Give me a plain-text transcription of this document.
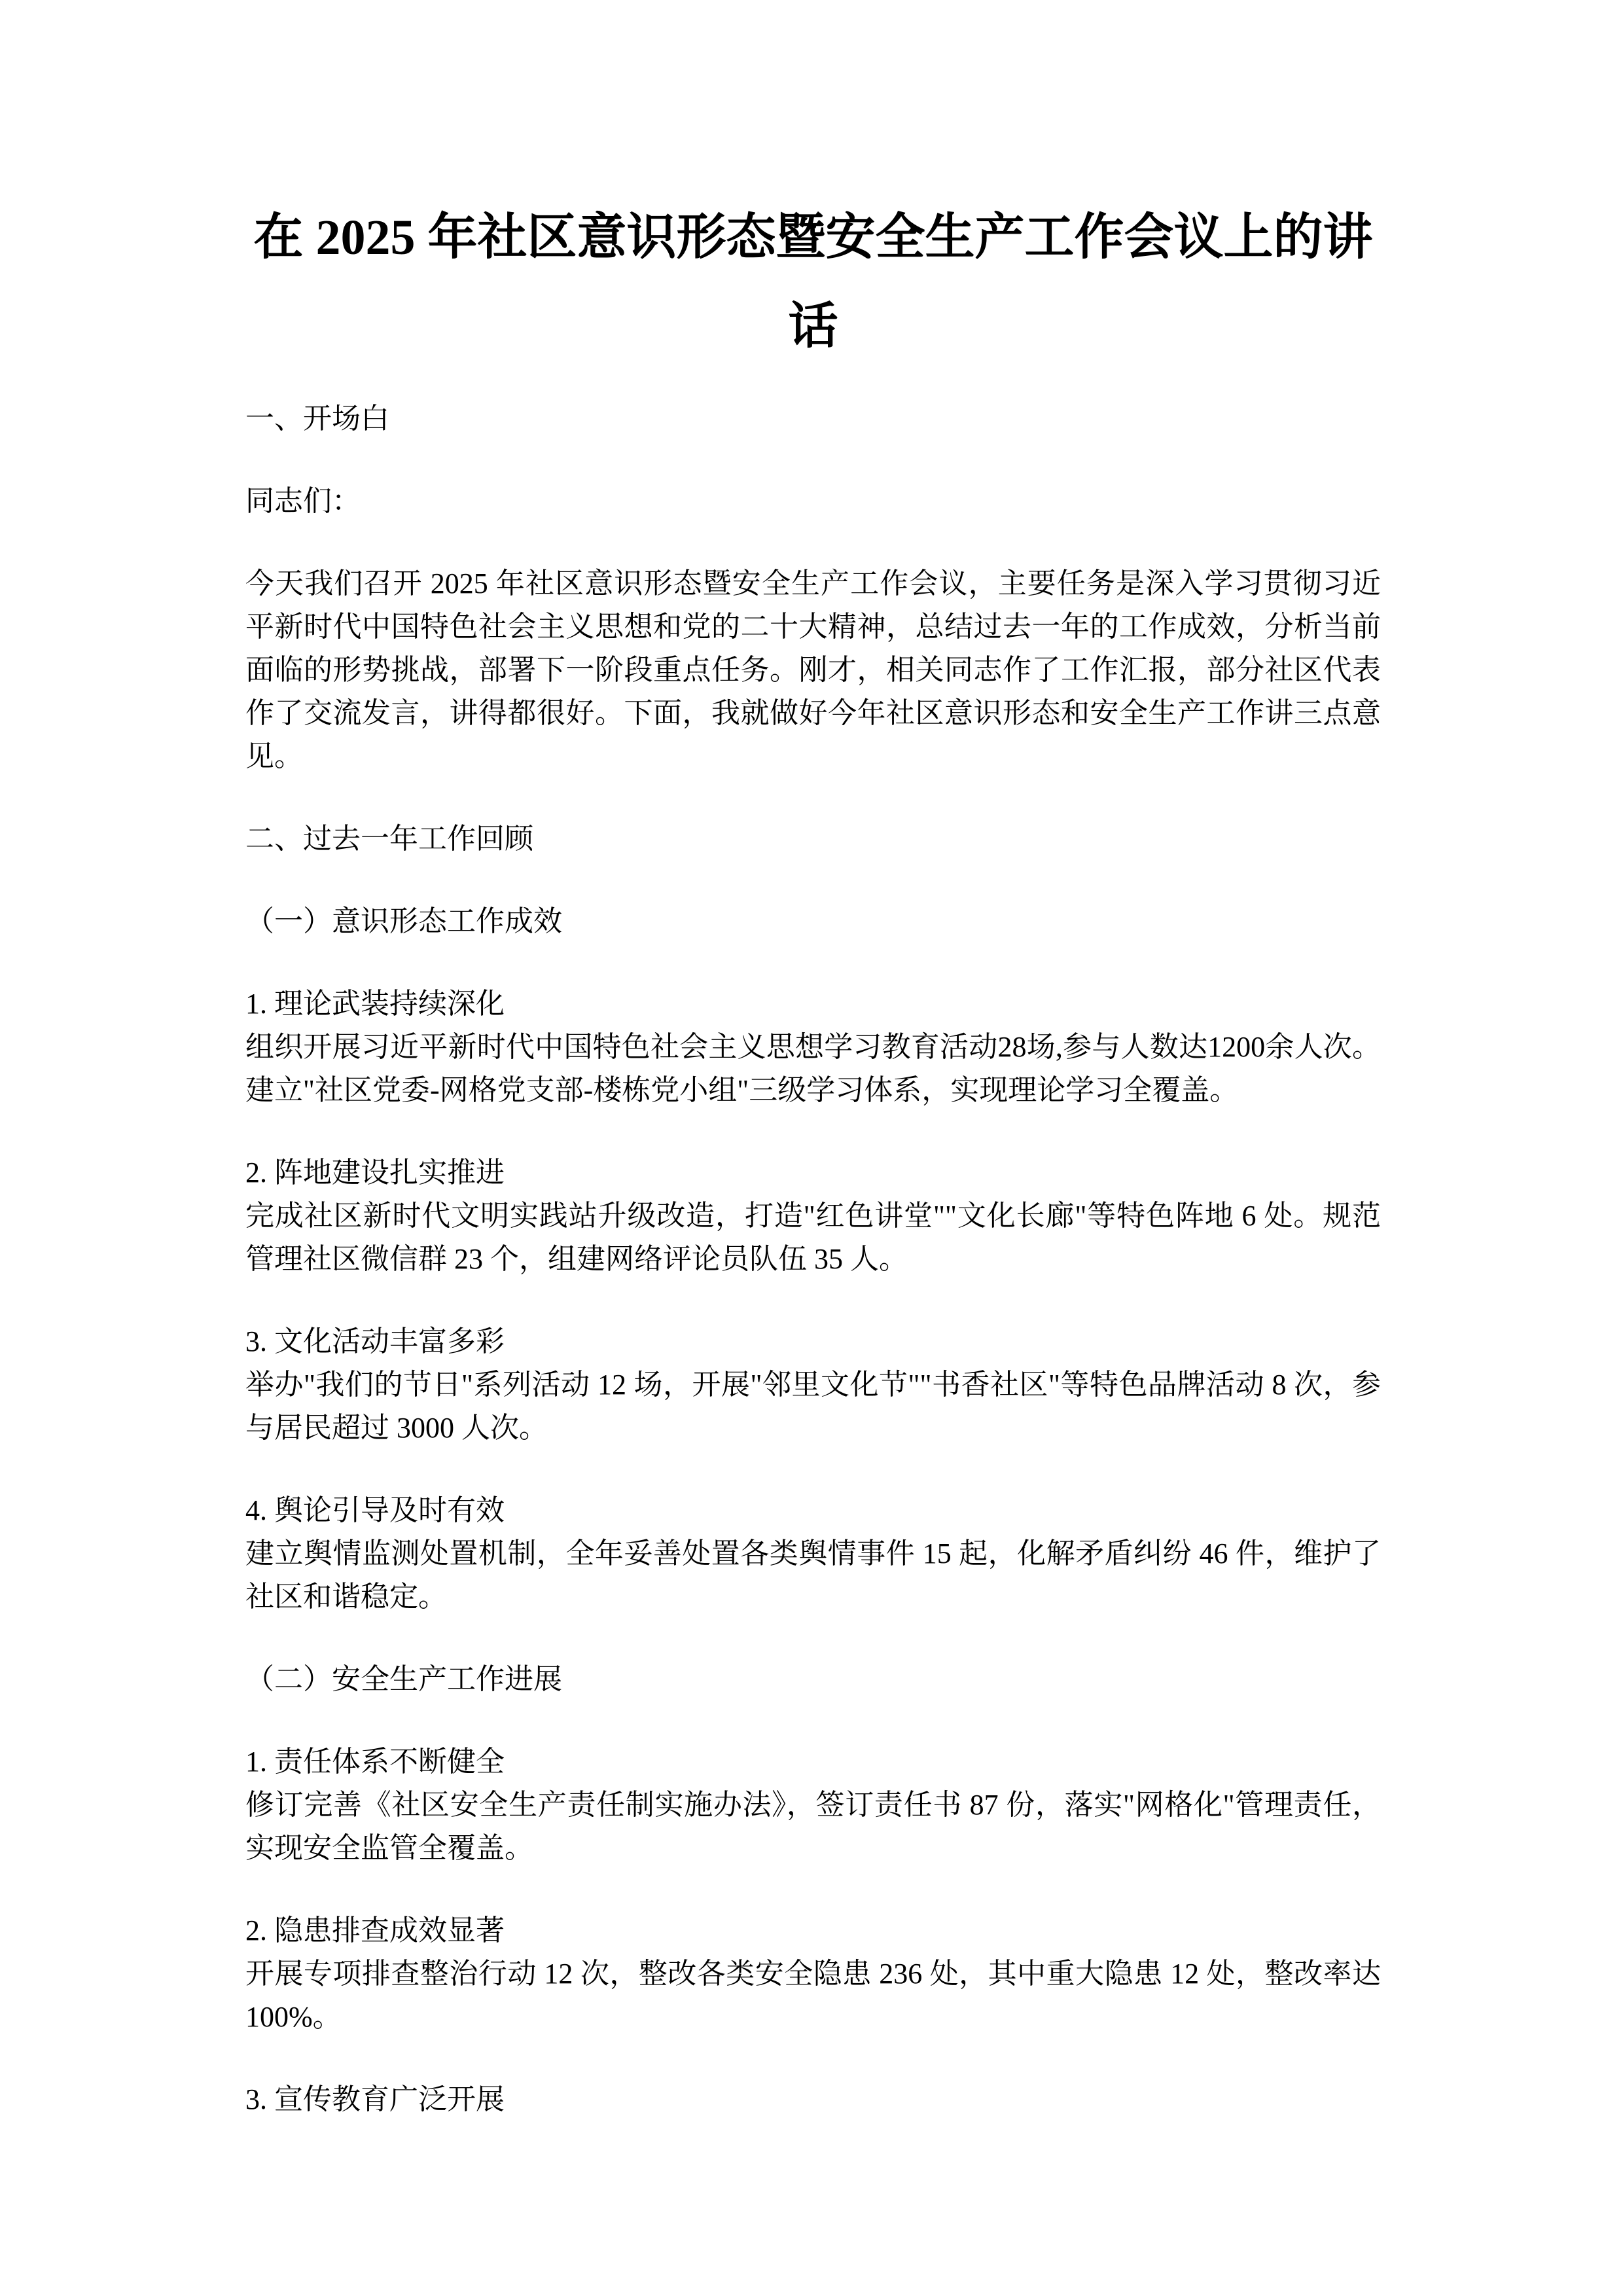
在 2025 年社区意识形态暨安全生产工作会议上的讲话
一、开场白
同志们：
今天我们召开 2025 年社区意识形态暨安全生产工作会议，主要任务是深入学习贯彻习近平新时代中国特色社会主义思想和党的二十大精神，总结过去一年的工作成效，分析当前面临的形势挑战，部署下一阶段重点任务。刚才，相关同志作了工作汇报，部分社区代表作了交流发言，讲得都很好。下面，我就做好今年社区意识形态和安全生产工作讲三点意见。
二、过去一年工作回顾
（一）意识形态工作成效
1. 理论武装持续深化
组织开展习近平新时代中国特色社会主义思想学习教育活动28场,参与人数达1200余人次。建立"社区党委-网格党支部-楼栋党小组"三级学习体系，实现理论学习全覆盖。
2. 阵地建设扎实推进
完成社区新时代文明实践站升级改造，打造"红色讲堂""文化长廊"等特色阵地 6 处。规范管理社区微信群 23 个，组建网络评论员队伍 35 人。
3. 文化活动丰富多彩
举办"我们的节日"系列活动 12 场，开展"邻里文化节""书香社区"等特色品牌活动 8 次，参与居民超过 3000 人次。
4. 舆论引导及时有效
建立舆情监测处置机制，全年妥善处置各类舆情事件 15 起，化解矛盾纠纷 46 件，维护了社区和谐稳定。
（二）安全生产工作进展
1. 责任体系不断健全
修订完善《社区安全生产责任制实施办法》，签订责任书 87 份，落实"网格化"管理责任，实现安全监管全覆盖。
2. 隐患排查成效显著
开展专项排查整治行动 12 次，整改各类安全隐患 236 处，其中重大隐患 12 处，整改率达 100%。
3. 宣传教育广泛开展
